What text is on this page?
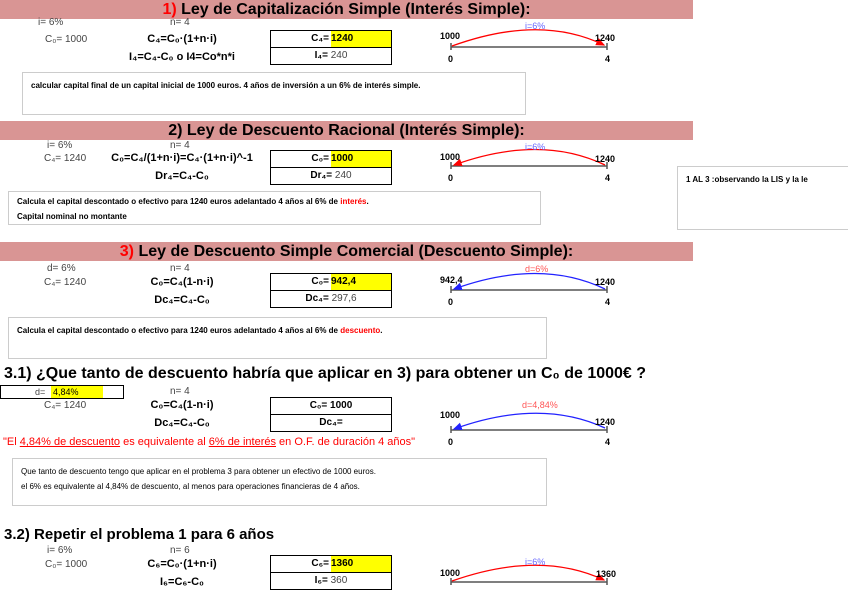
1) Ley de Capitalización Simple (Interés Simple):
i= 6%	n= 4
C₀= 1000	C₄=C₀·(1+n·i)
I₄=C₄-C₀ o I4=Co*n*i
C₄= 1240
I₄= 240
1000
i=6%
1240
0	4
calcular capital final de un capital inicial de 1000 euros. 4 años de inversión a un 6% de interés simple.
2) Ley de Descuento Racional (Interés Simple):
i= 6%	n= 4
C₄= 1240	C₀=C₄/(1+n·i)=C₄·(1+n·i)^-1
Dr₄=C₄-C₀
C₀= 1000
Dr₄= 240
1000
i=6%
1240
0	4
Calcula el capital descontado o efectivo para 1240 euros adelantado 4 años al 6% de interés.
Capital nominal no montante
1 AL 3 :observando la LIS y la le
3) Ley de Descuento Simple Comercial (Descuento Simple):
d= 6%	n= 4
C₄= 1240	C₀=C₄(1-n·i)
Dc₄=C₄-C₀
C₀= 942,4
Dc₄= 297,6
942,4
d=6%
1240
0	4
Calcula el capital descontado o efectivo para 1240 euros adelantado 4 años al 6% de descuento.
3.1) ¿Que tanto de descuento habría que aplicar en 3) para obtener un C₀ de 1000€ ?
d= 4,84%	n= 4
C₄= 1240	C₀=C₄(1-n·i)
Dc₄=C₄-C₀
C₀= 1000
Dc₄=
"El 4,84% de descuento es equivalente al 6% de interés en O.F. de duración 4 años"
1000
d=4,84%
1240
0	4
Que tanto de descuento tengo que aplicar en el problema 3 para obtener un efectivo de 1000 euros.
el 6% es equivalente al 4,84% de descuento, al menos para operaciones financieras de 4 años.
3.2) Repetir el problema 1 para 6 años
i= 6%	n= 6
C₀= 1000	C₆=C₀·(1+n·i)
I₆=C₆-C₀
C₆= 1360
I₆= 360
1000
i=6%
1360
